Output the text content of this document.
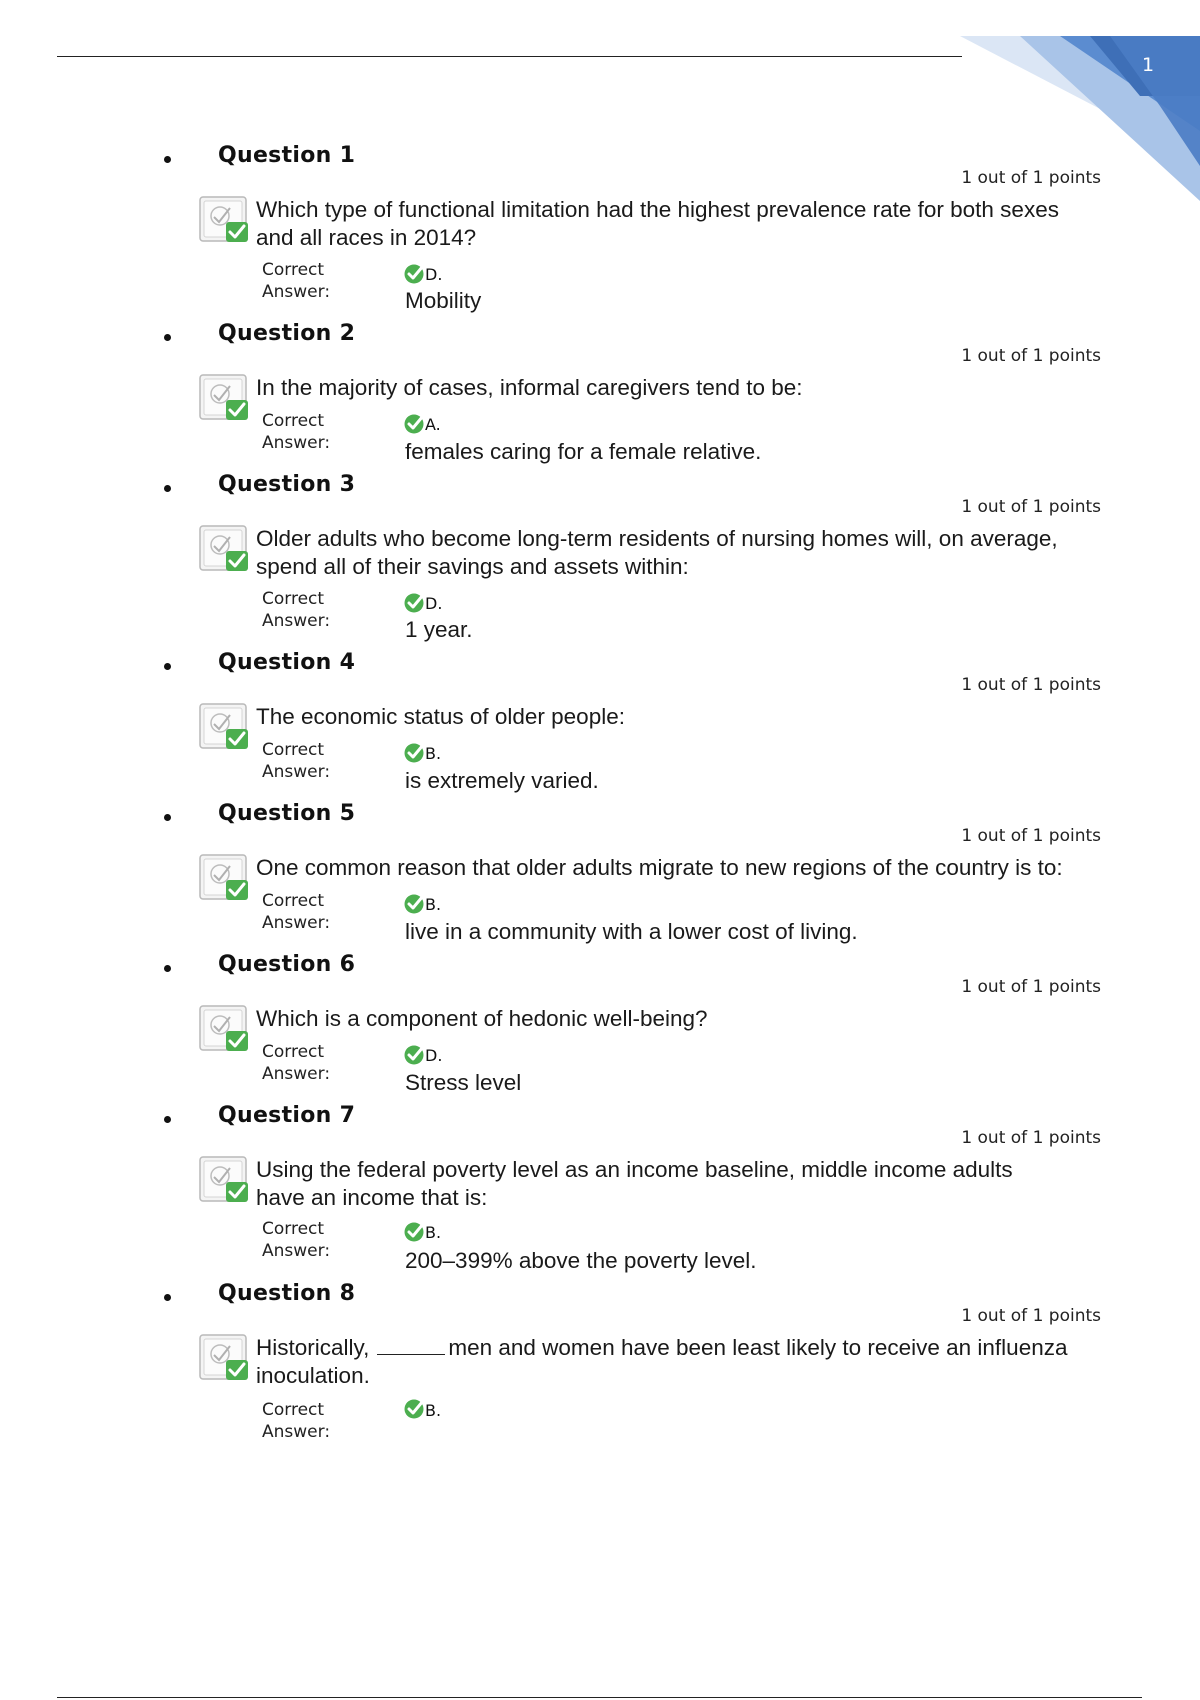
1
Question 1
1 out of 1 points
Which type of functional limitation had the highest prevalence rate for both sexes
and all races in 2014?
Correct
Answer:
D.
Mobility
Question 2
1 out of 1 points
In the majority of cases, informal caregivers tend to be:
Correct
Answer:
A.
females caring for a female relative.
Question 3
1 out of 1 points
Older adults who become long-term residents of nursing homes will, on average,
spend all of their savings and assets within:
Correct
Answer:
D.
1 year.
Question 4
1 out of 1 points
The economic status of older people:
Correct
Answer:
B.
is extremely varied.
Question 5
1 out of 1 points
One common reason that older adults migrate to new regions of the country is to:
Correct
Answer:
B.
live in a community with a lower cost of living.
Question 6
1 out of 1 points
Which is a component of hedonic well-being?
Correct
Answer:
D.
Stress level
Question 7
1 out of 1 points
Using the federal poverty level as an income baseline, middle income adults
have an income that is:
Correct
Answer:
B.
200–399% above the poverty level.
Question 8
1 out of 1 points
Historically,	men and women have been least likely to receive an influenza
inoculation.
Correct
Answer:
B.
